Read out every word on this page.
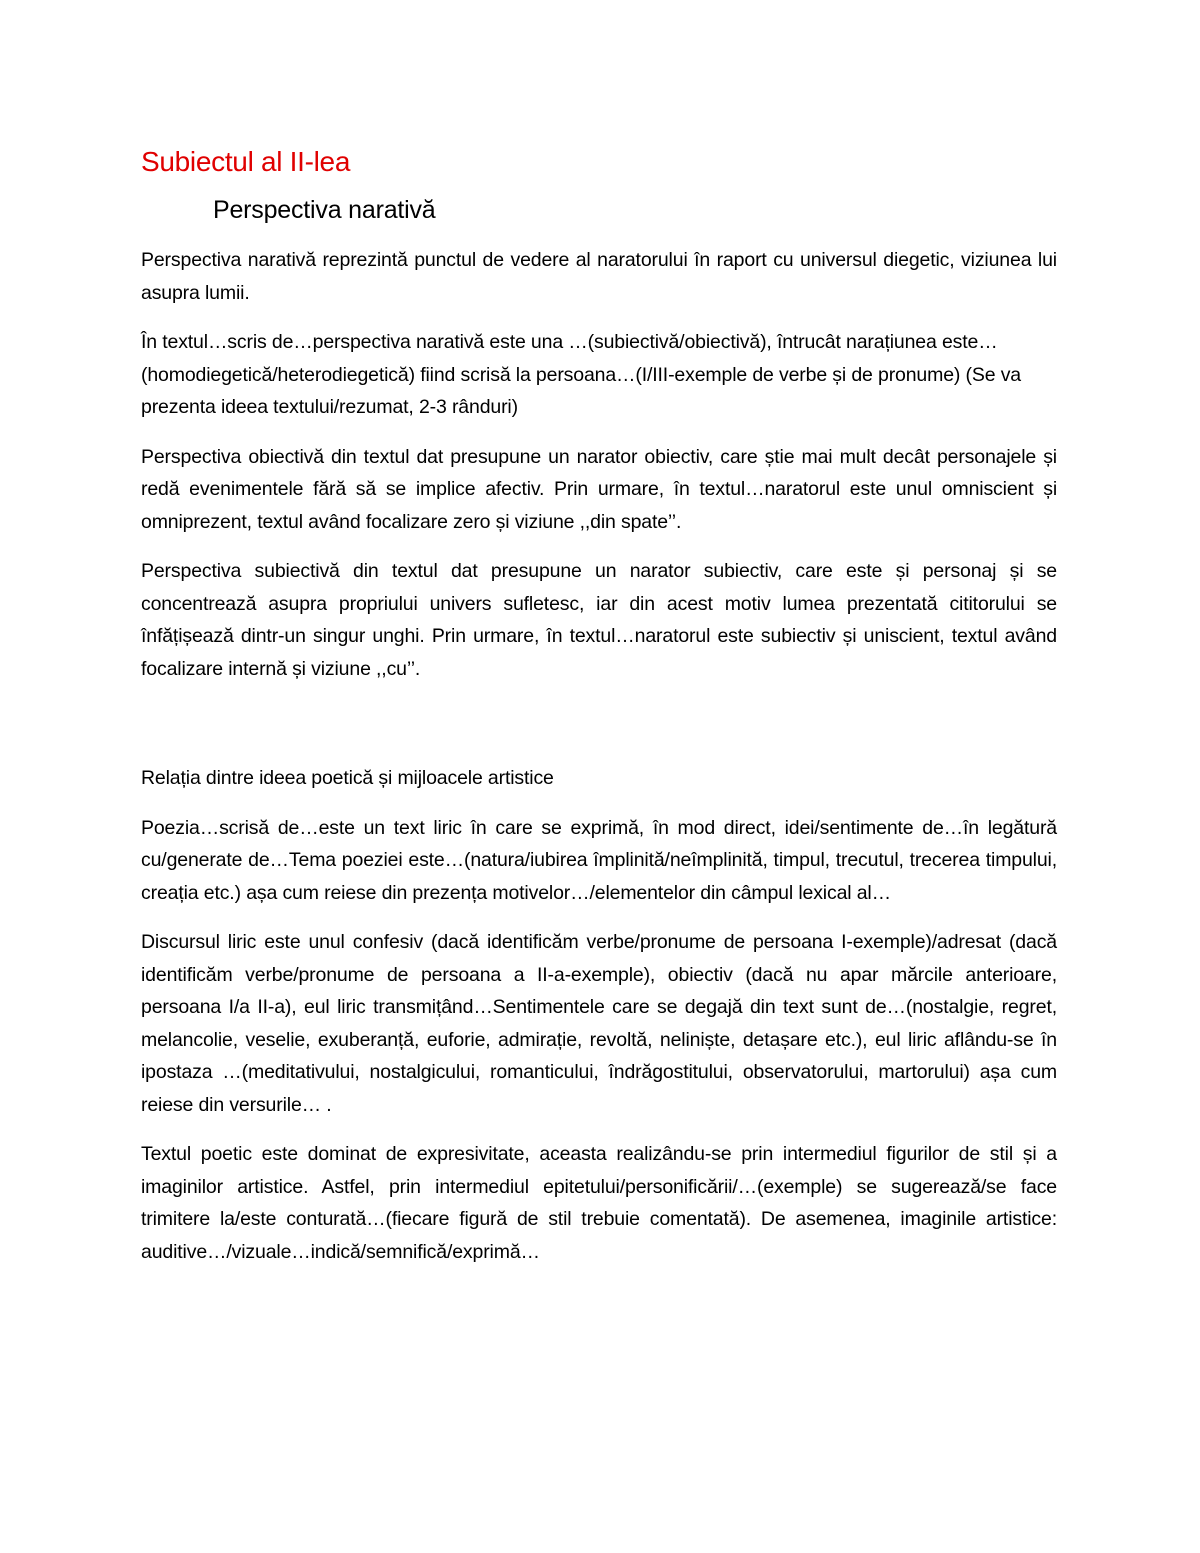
Subiectul al II-lea
Perspectiva narativă

Perspectiva narativă reprezintă punctul de vedere al naratorului în raport cu universul diegetic, viziunea lui asupra lumii.

În textul…scris de…perspectiva narativă este una …(subiectivă/obiectivă), întrucât narațiunea este…(homodiegetică/heterodiegetică) fiind scrisă la persoana…(I/III-exemple de verbe și de pronume) (Se va prezenta ideea textului/rezumat, 2-3 rânduri)

Perspectiva obiectivă din textul dat presupune un narator obiectiv, care știe mai mult decât personajele și redă evenimentele fără să se implice afectiv. Prin urmare, în textul…naratorul este unul omniscient și omniprezent, textul având focalizare zero și viziune ,,din spate’’.

Perspectiva subiectivă din textul dat presupune un narator subiectiv, care este și personaj și se concentrează asupra propriului univers sufletesc, iar din acest motiv lumea prezentată cititorului se înfățișează dintr-un singur unghi. Prin urmare, în textul…naratorul este subiectiv și uniscient, textul având focalizare internă și viziune ,,cu’’.

Relația dintre ideea poetică și mijloacele artistice

Poezia…scrisă de…este un text liric în care se exprimă, în mod direct, idei/sentimente de…în legătură cu/generate de…Tema poeziei este…(natura/iubirea împlinită/neîmplinită, timpul, trecutul, trecerea timpului, creația etc.) așa cum reiese din prezența motivelor…/elementelor din câmpul lexical al…

Discursul liric este unul confesiv (dacă identificăm verbe/pronume de persoana I-exemple)/adresat (dacă identificăm verbe/pronume de persoana a II-a-exemple), obiectiv (dacă nu apar mărcile anterioare, persoana I/a II-a), eul liric transmițând…Sentimentele care se degajă din text sunt de…(nostalgie, regret, melancolie, veselie, exuberanță, euforie, admirație, revoltă, neliniște, detașare etc.), eul liric aflându-se în ipostaza …(meditativului, nostalgicului, romanticului, îndrăgostitului, observatorului, martorului) așa cum reiese din versurile… .

Textul poetic este dominat de expresivitate, aceasta realizându-se prin intermediul figurilor de stil și a imaginilor artistice. Astfel, prin intermediul epitetului/personificării/…(exemple) se sugerează/se face trimitere la/este conturată…(fiecare figură de stil trebuie comentată). De asemenea, imaginile artistice: auditive…/vizuale…indică/semnifică/exprimă…
